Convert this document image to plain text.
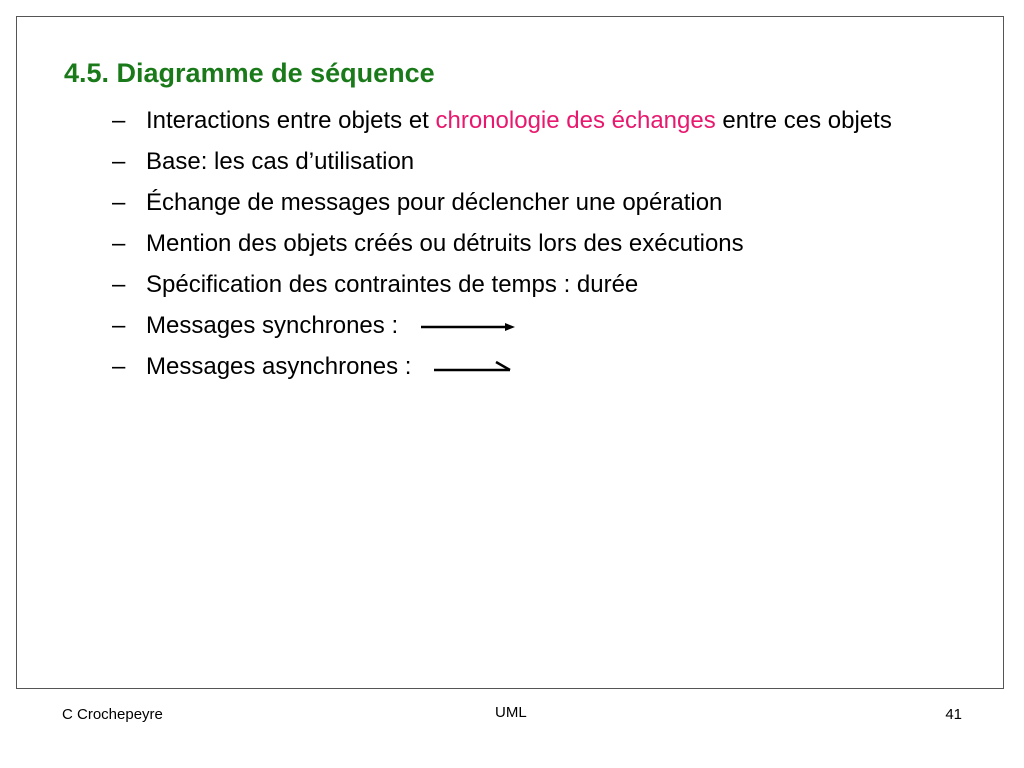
4.5. Diagramme de séquence
– Interactions entre objets et chronologie des échanges entre ces objets
– Base: les cas d’utilisation
– Échange de messages pour déclencher une opération
– Mention des objets créés ou détruits lors des exécutions
– Spécification des contraintes de temps : durée
– Messages synchrones :
– Messages asynchrones :
C Crochepeyre	UML	41
